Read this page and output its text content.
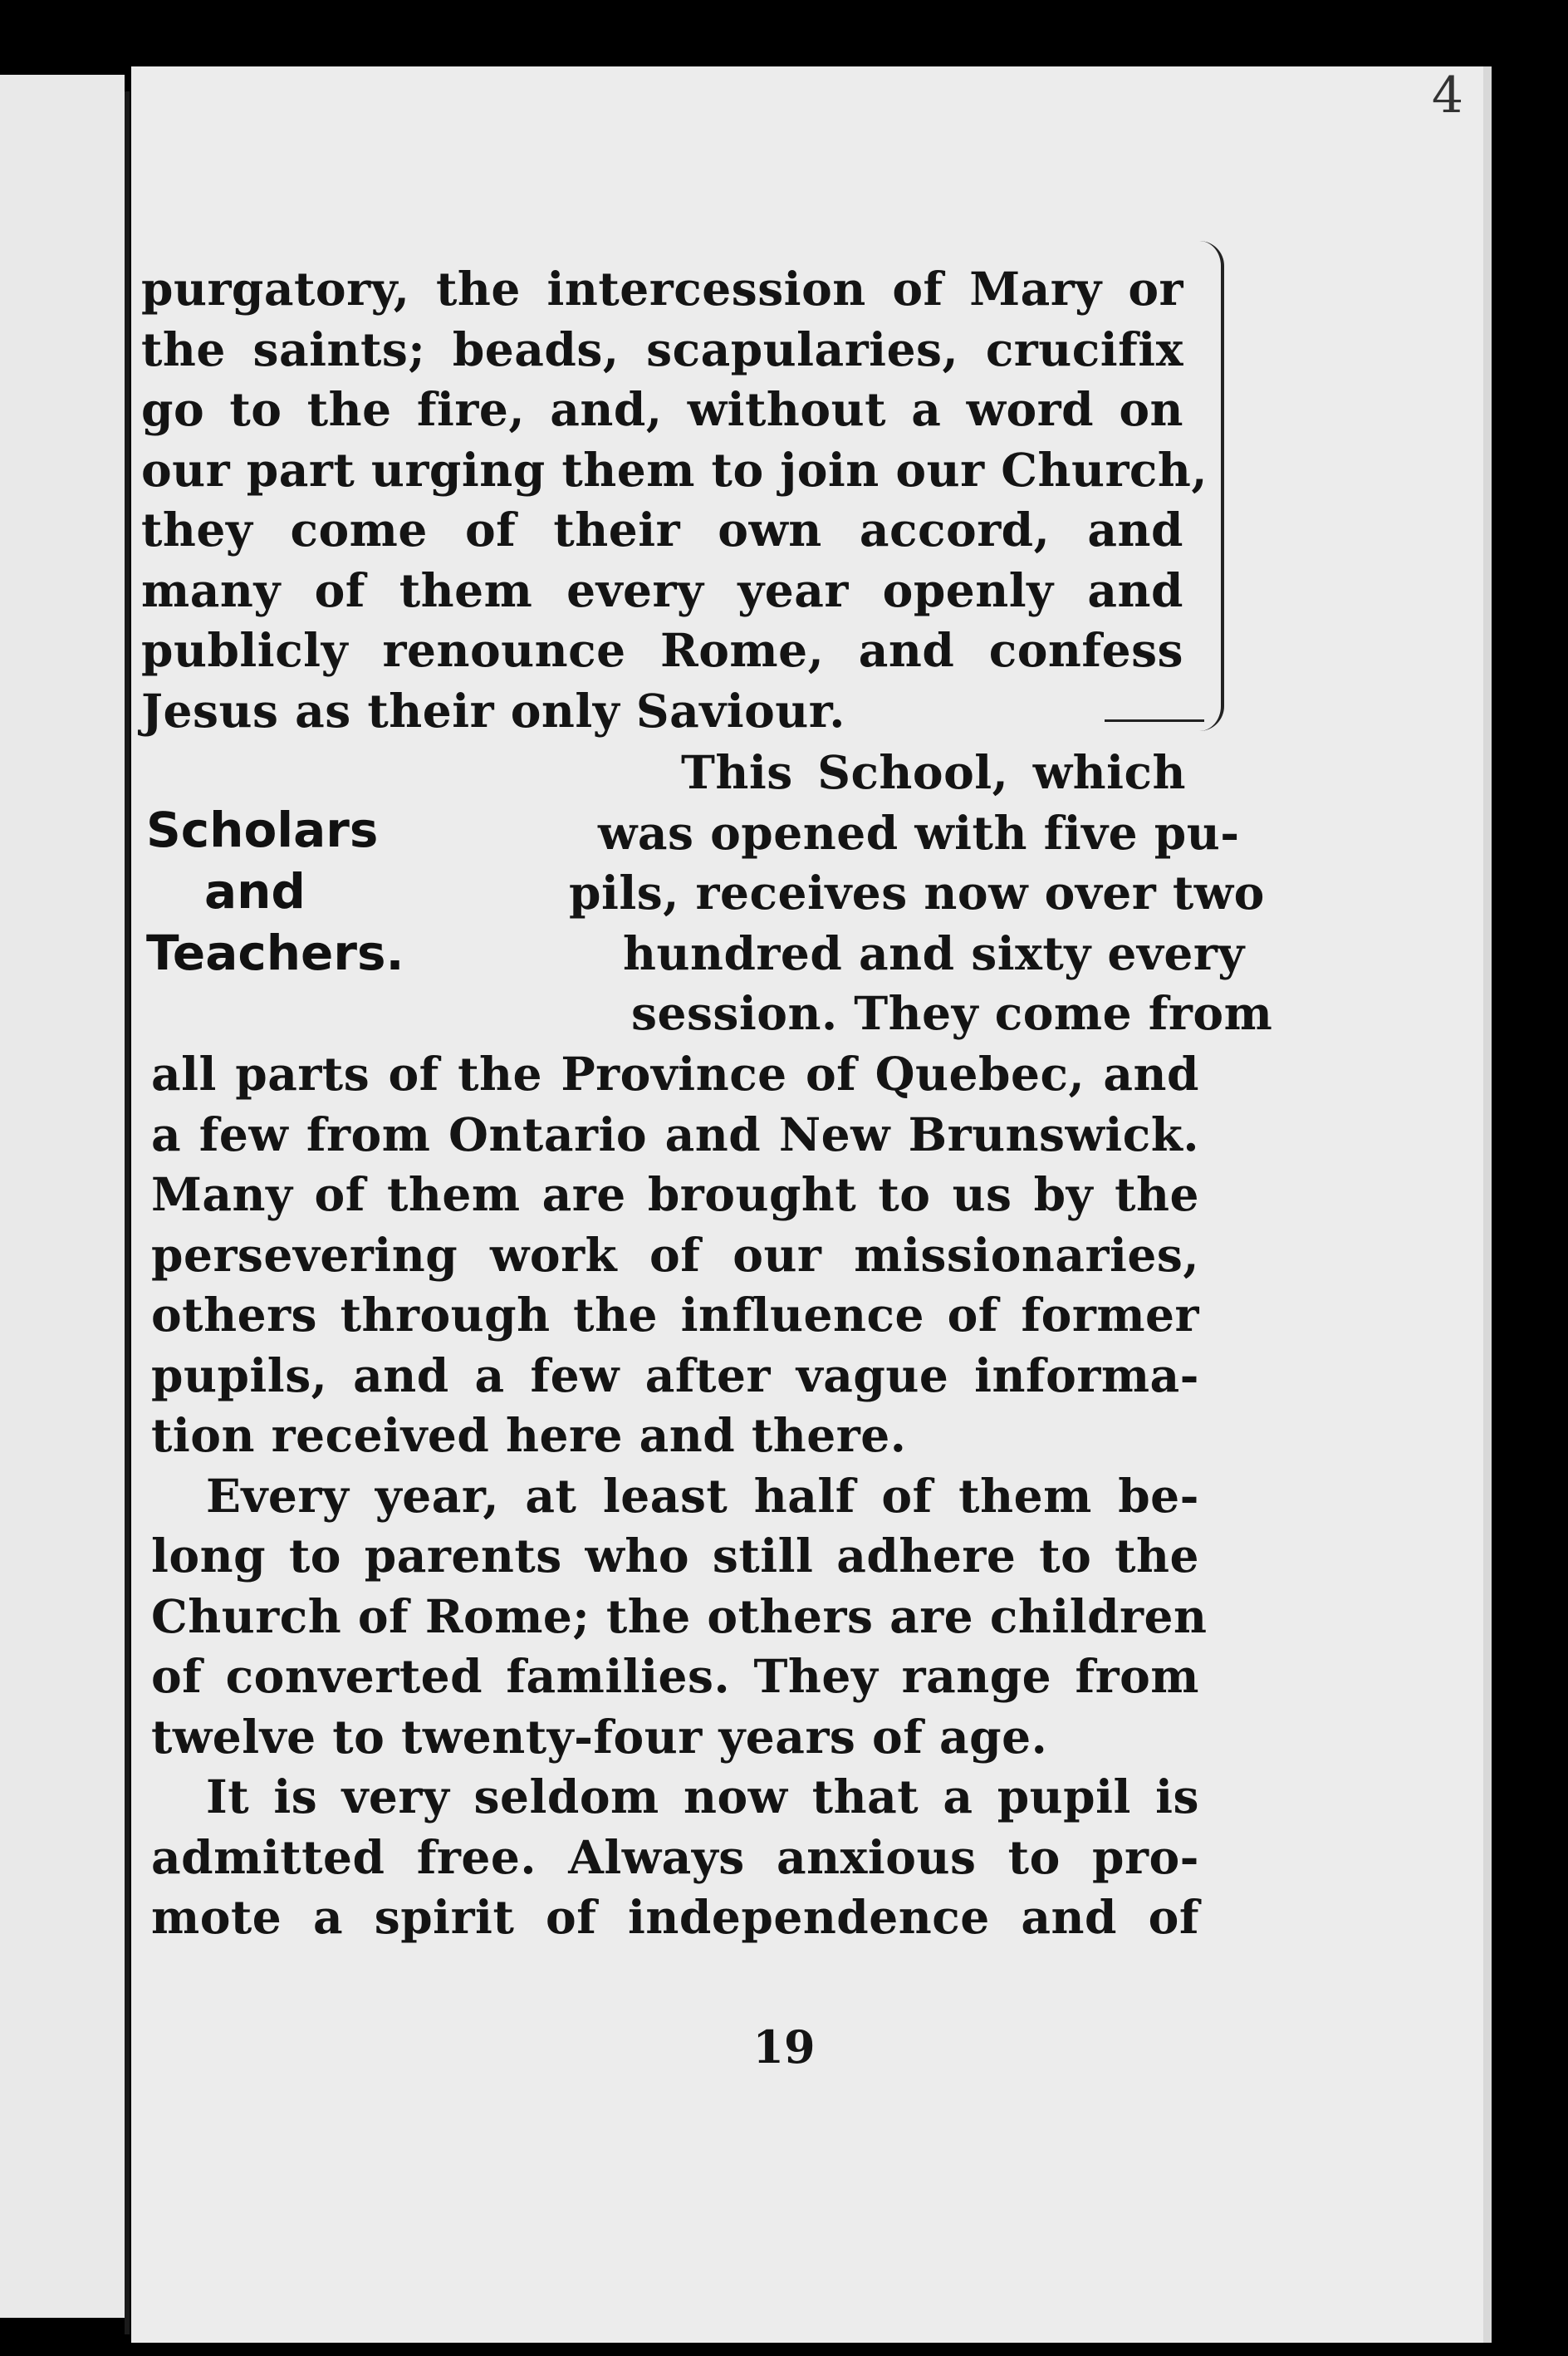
4
purgatory, the intercession of Mary or
the saints; beads, scapularies, crucifix
go to the fire, and, without a word on
our part urging them to join our Church,
they come of their own accord, and
many of them every year openly and
publicly renounce Rome, and confess
Jesus as their only Saviour.
Scholars
and
Teachers.
This School, which
was opened with five pu-
pils, receives now over two
hundred and sixty every
session. They come from
all parts of the Province of Quebec, and
a few from Ontario and New Brunswick.
Many of them are brought to us by the
persevering work of our missionaries,
others through the influence of former
pupils, and a few after vague informa-
tion received here and there.
Every year, at least half of them be-
long to parents who still adhere to the
Church of Rome; the others are children
of converted families. They range from
twelve to twenty-four years of age.
It is very seldom now that a pupil is
admitted free. Always anxious to pro-
mote a spirit of independence and of
19
